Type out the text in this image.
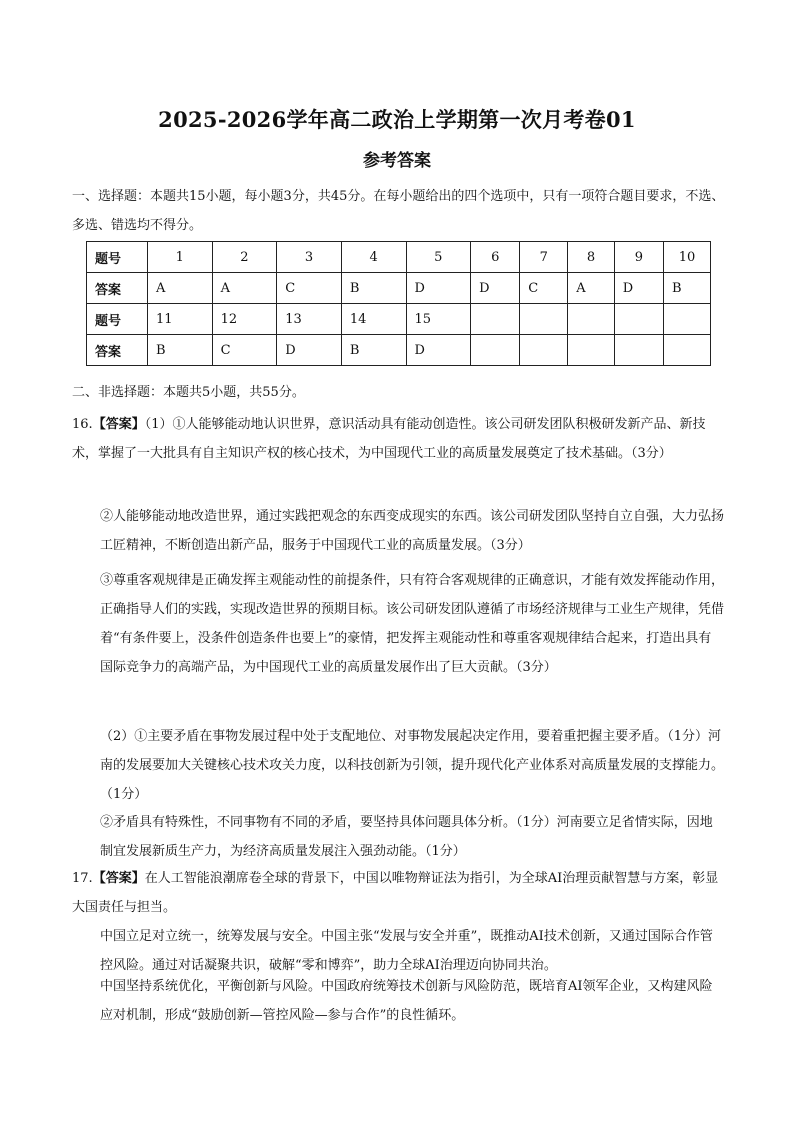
2025-2026学年高二政治上学期第一次月考卷01
参考答案
一、选择题：本题共15小题，每小题3分，共45分。在每小题给出的四个选项中，只有一项符合题目要求，不选、多选、错选均不得分。
题号	1	2	3	4	5	6	7	8	9	10
答案	A	A	C	B	D	D	C	A	D	B
题号	11	12	13	14	15					
答案	B	C	D	B	D					
二、非选择题：本题共5小题，共55分。
16.【答案】（1）①人能够能动地认识世界，意识活动具有能动创造性。该公司研发团队积极研发新产品、新技术，掌握了一大批具有自主知识产权的核心技术，为中国现代工业的高质量发展奠定了技术基础。（3分）
②人能够能动地改造世界，通过实践把观念的东西变成现实的东西。该公司研发团队坚持自立自强，大力弘扬工匠精神，不断创造出新产品，服务于中国现代工业的高质量发展。（3分）
③尊重客观规律是正确发挥主观能动性的前提条件，只有符合客观规律的正确意识，才能有效发挥能动作用，正确指导人们的实践，实现改造世界的预期目标。该公司研发团队遵循了市场经济规律与工业生产规律，凭借着“有条件要上，没条件创造条件也要上”的豪情，把发挥主观能动性和尊重客观规律结合起来，打造出具有国际竞争力的高端产品，为中国现代工业的高质量发展作出了巨大贡献。（3分）
（2）①主要矛盾在事物发展过程中处于支配地位、对事物发展起决定作用，要着重把握主要矛盾。（1分）河南的发展要加大关键核心技术攻关力度，以科技创新为引领，提升现代化产业体系对高质量发展的支撑能力。（1分）
②矛盾具有特殊性，不同事物有不同的矛盾，要坚持具体问题具体分析。（1分）河南要立足省情实际，因地制宜发展新质生产力，为经济高质量发展注入强劲动能。（1分）
17.【答案】在人工智能浪潮席卷全球的背景下，中国以唯物辩证法为指引，为全球AI治理贡献智慧与方案，彰显大国责任与担当。
中国立足对立统一，统筹发展与安全。中国主张“发展与安全并重”，既推动AI技术创新，又通过国际合作管控风险。通过对话凝聚共识，破解“零和博弈”，助力全球AI治理迈向协同共治。
中国坚持系统优化，平衡创新与风险。中国政府统筹技术创新与风险防范，既培育AI领军企业，又构建风险应对机制，形成“鼓励创新—管控风险—参与合作”的良性循环。
